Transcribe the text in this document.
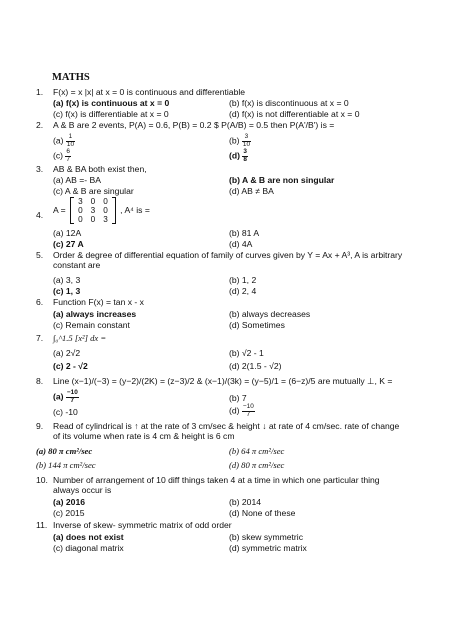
MATHS
1.	F(x) = x |x| at x = 0 is continuous and differentiable
(a) f(x) is continuous at x = 0	(b) f(x) is discontinuous at x = 0
(c) f(x) is differentiable at x = 0	(d) f(x) is not differentiable at x = 0
2.	A & B are 2 events, P(A) = 0.6, P(B) = 0.2 $ P(A/B) = 0.5 then P(A'/B') is =
$(a) \frac{1}{10}$	$(b) \frac{3}{10}$
$(c) \frac{6}{7}$	$(d) \frac{3}{8}$
3.	AB & BA both exist then,
(a) AB =- BA	(b) A & B are non singular
(c) A & B are singular	(d) AB ≠ BA
4.
A =
3	0	0
0	3	0
0	0	3
, A⁴ is =
(a) 12A	(b) 81 A
(c) 27 A	(d) 4A
5.	Order & degree of differential equation of family of curves given by Y = Ax + A³, A is arbitrary
constant are
(a) 3, 3	(b) 1, 2
(c) 1, 3	(d) 2, 4
6.	Function F(x) = tan x - x
(a) always increases	(b) always decreases
(c) Remain constant	(d) Sometimes
7.	∫₀^1.5 [x²] dx =
(a) 2√2	(b) √2 - 1
(c) 2 - √2	(d) 2(1.5 - √2)
8.	Line (x−1)/(−3) = (y−2)/(2K) = (z−3)/2 & (x−1)/(3k) = (y−5)/1 = (6−z)/5 are mutually ⊥, K =
$(a) \frac{-10}{7}$	(b) 7
(c) -10	$(d) \frac{-10}{7}$
9.	Read of cylindrical is ↑ at the rate of 3 cm/sec & height ↓ at rate of 4 cm/sec. rate of change
of its volume when rate is 4 cm & height is 6 cm
(a) 80 π cm²/sec	(b) 64 π cm²/sec
(b) 144 π cm²/sec	(d) 80 π cm²/sec
10. Number of arrangement of 10 diff things taken 4 at a time in which one particular thing
always occur is
(a) 2016	(b) 2014
(c) 2015	(d) None of these
11. Inverse of skew- symmetric matrix of odd order
(a) does not exist	(b) skew symmetric
(c) diagonal matrix	(d) symmetric matrix
